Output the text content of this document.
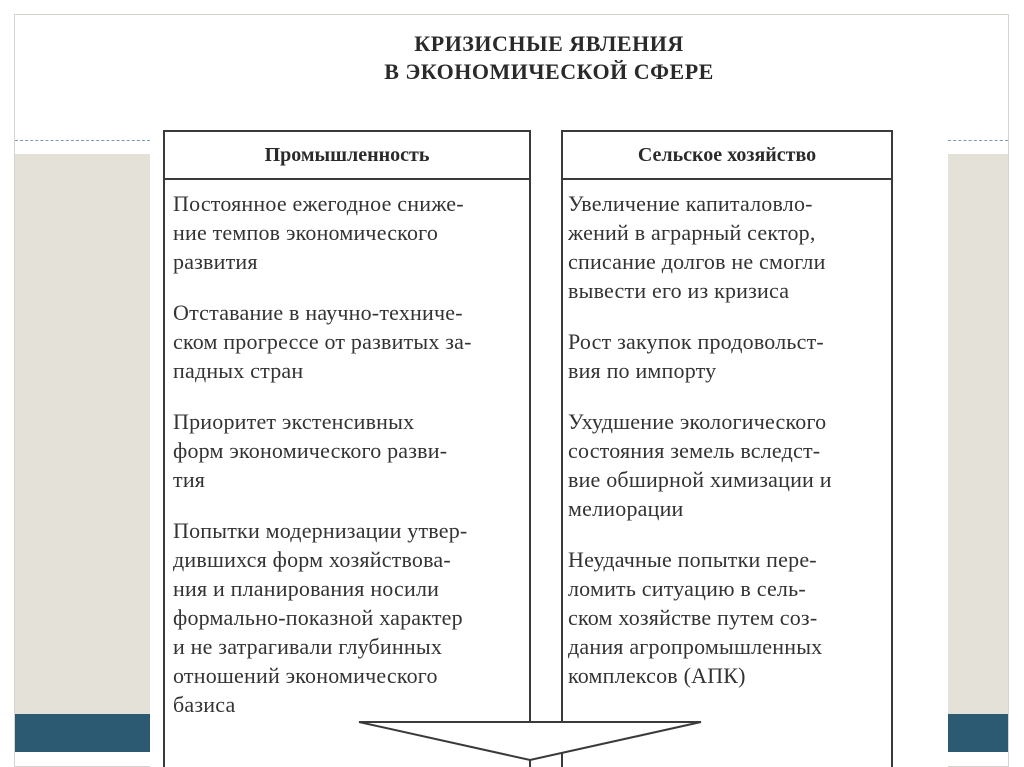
КРИЗИСНЫЕ ЯВЛЕНИЯ
В ЭКОНОМИЧЕСКОЙ СФЕРЕ
Промышленность
Постоянное ежегодное сниже-
ние темпов экономического
развития
Отставание в научно-техниче-
ском прогрессе от развитых за-
падных стран
Приоритет экстенсивных
форм экономического разви-
тия
Попытки модернизации утвер-
дившихся форм хозяйствова-
ния и планирования носили
формально-показной характер
и не затрагивали глубинных
отношений экономического
базиса
Сельское хозяйство
Увеличение капиталовло-
жений в аграрный сектор,
списание долгов не смогли
вывести его из кризиса
Рост закупок продовольст-
вия по импорту
Ухудшение экологического
состояния земель вследст-
вие обширной химизации и
мелиорации
Неудачные попытки пере-
ломить ситуацию в сель-
ском хозяйстве путем соз-
дания агропромышленных
комплексов (АПК)
